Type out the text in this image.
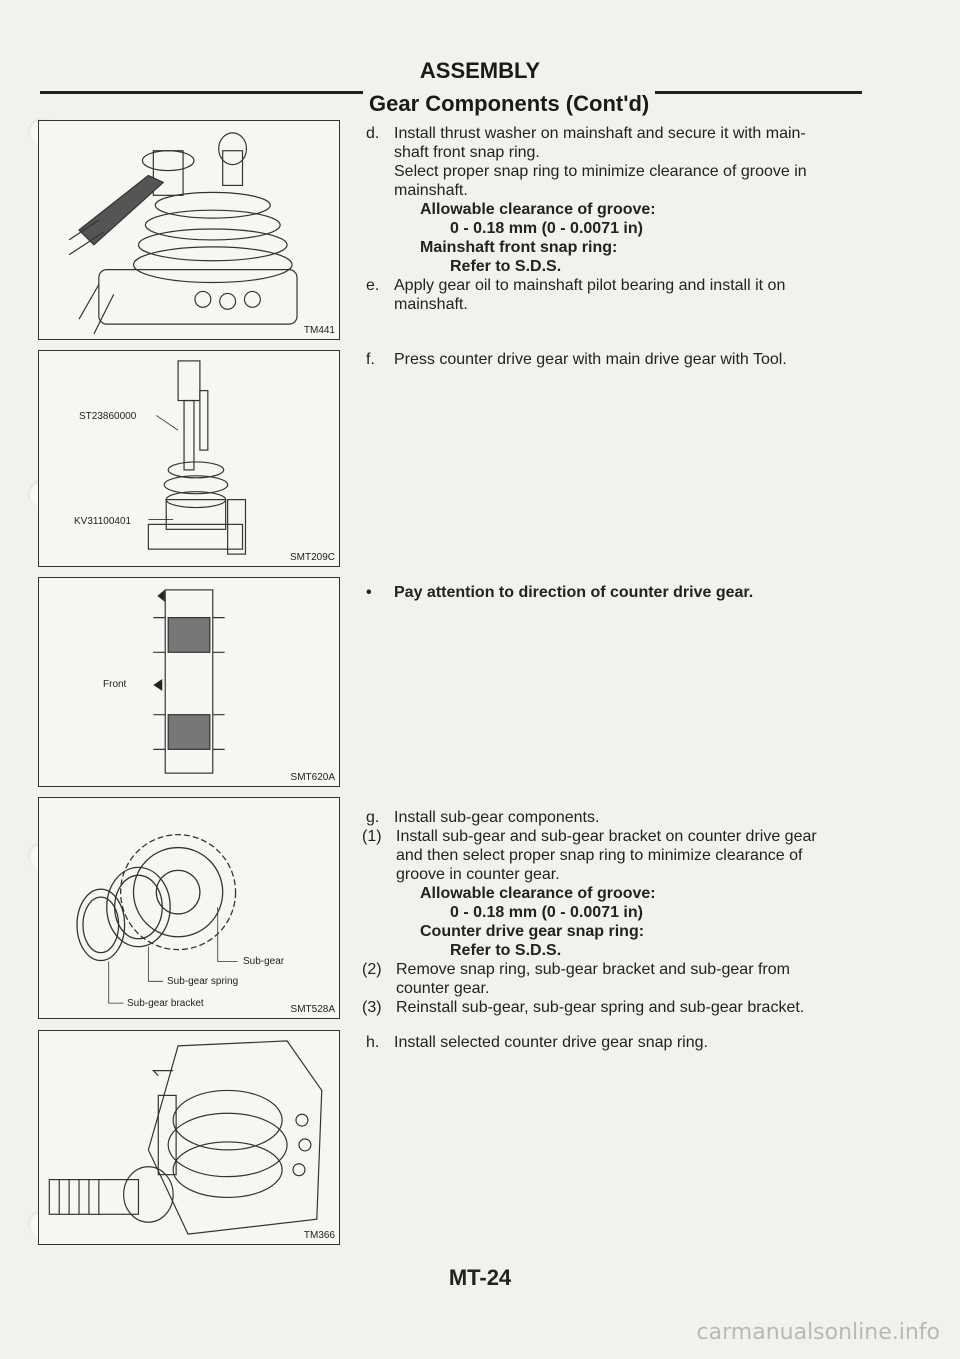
ASSEMBLY
Gear Components (Cont'd)
TM441
ST23860000
KV31100401
SMT209C
Front
SMT620A
Sub-gear
Sub-gear spring
Sub-gear bracket
SMT528A
TM366
d. Install thrust washer on mainshaft and secure it with main-
shaft front snap ring.
Select proper snap ring to minimize clearance of groove in
mainshaft.
Allowable clearance of groove:
0 - 0.18 mm (0 - 0.0071 in)
Mainshaft front snap ring:
Refer to S.D.S.
e. Apply gear oil to mainshaft pilot bearing and install it on
mainshaft.
f. Press counter drive gear with main drive gear with Tool.
• Pay attention to direction of counter drive gear.
g. Install sub-gear components.
(1) Install sub-gear and sub-gear bracket on counter drive gear
and then select proper snap ring to minimize clearance of
groove in counter gear.
Allowable clearance of groove:
0 - 0.18 mm (0 - 0.0071 in)
Counter drive gear snap ring:
Refer to S.D.S.
(2) Remove snap ring, sub-gear bracket and sub-gear from
counter gear.
(3) Reinstall sub-gear, sub-gear spring and sub-gear bracket.
h. Install selected counter drive gear snap ring.
MT-24
carmanualsonline.info
